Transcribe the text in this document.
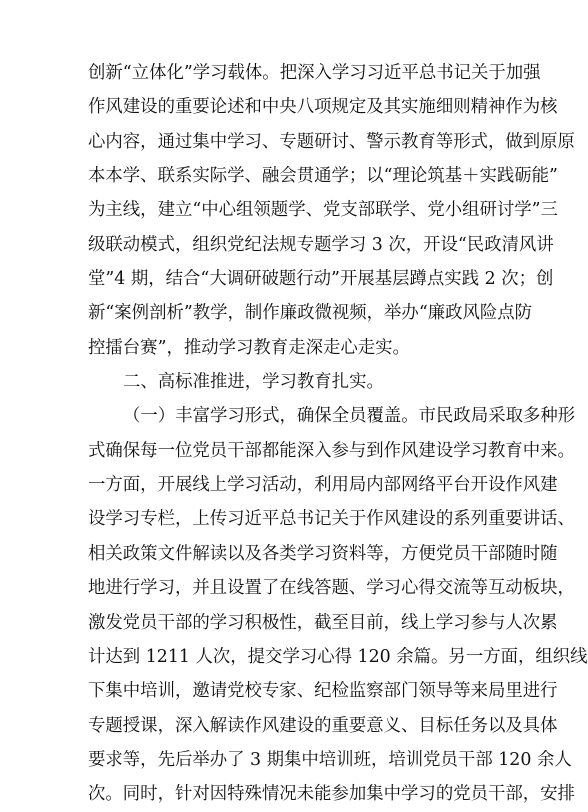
创新“立体化”学习载体。把深入学习习近平总书记关于加强
作风建设的重要论述和中央八项规定及其实施细则精神作为核
心内容，通过集中学习、专题研讨、警示教育等形式，做到原原
本本学、联系实际学、融会贯通学；以“理论筑基＋实践砺能”
为主线，建立“中心组领题学、党支部联学、党小组研讨学”三
级联动模式，组织党纪法规专题学习 3 次，开设“民政清风讲
堂”4 期，结合“大调研破题行动”开展基层蹲点实践 2 次；创
新“案例剖析”教学，制作廉政微视频，举办“廉政风险点防
控擂台赛”，推动学习教育走深走心走实。
二、高标准推进，学习教育扎实。
（一）丰富学习形式，确保全员覆盖。市民政局采取多种形
式确保每一位党员干部都能深入参与到作风建设学习教育中来。
一方面，开展线上学习活动，利用局内部网络平台开设作风建
设学习专栏，上传习近平总书记关于作风建设的系列重要讲话、
相关政策文件解读以及各类学习资料等，方便党员干部随时随
地进行学习，并且设置了在线答题、学习心得交流等互动板块，
激发党员干部的学习积极性，截至目前，线上学习参与人次累
计达到 1211 人次，提交学习心得 120 余篇。另一方面，组织线
下集中培训，邀请党校专家、纪检监察部门领导等来局里进行
专题授课，深入解读作风建设的重要意义、目标任务以及具体
要求等，先后举办了 3 期集中培训班，培训党员干部 120 余人
次。同时，针对因特殊情况未能参加集中学习的党员干部，安排
